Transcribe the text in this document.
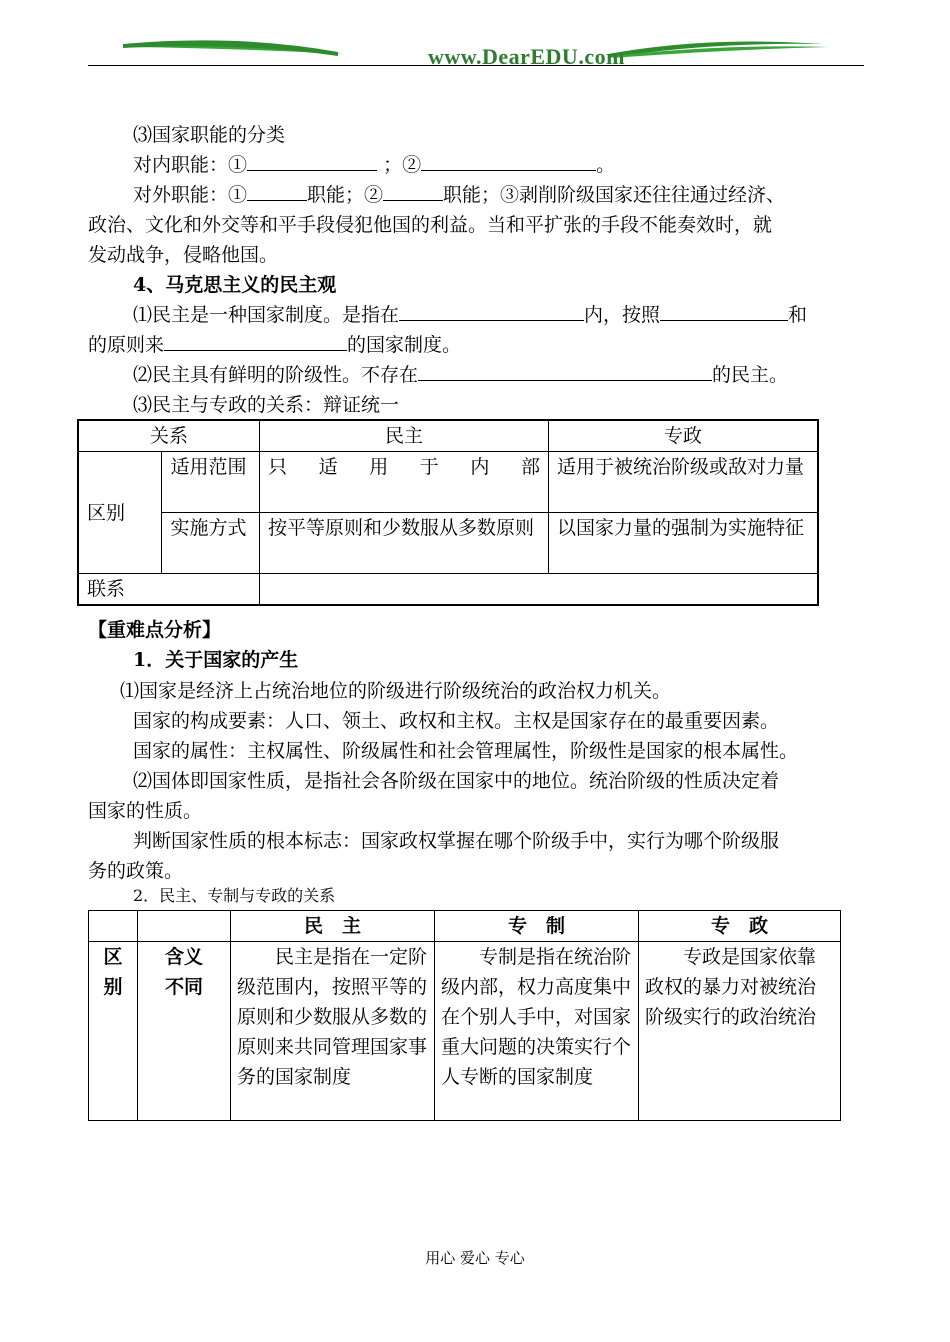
www.DearEDU.com
⑶国家职能的分类
对内职能：①	；②	。
对外职能：①	职能；②	职能；③剥削阶级国家还往往通过经济、
政治、文化和外交等和平手段侵犯他国的利益。当和平扩张的手段不能奏效时，就
发动战争，侵略他国。
4、马克思主义的民主观
⑴民主是一种国家制度。是指在	内，按照	和
的原则来	的国家制度。
⑵民主具有鲜明的阶级性。不存在	的民主。
⑶民主与专政的关系：辩证统一
关系		民主	专政
区别	适用范围	只适用于内部	适用于被统治阶级或敌对力量
	实施方式	按平等原则和少数服从多数原则	以国家力量的强制为实施特征
联系			
【重难点分析】
1．关于国家的产生
⑴国家是经济上占统治地位的阶级进行阶级统治的政治权力机关。
国家的构成要素：人口、领土、政权和主权。主权是国家存在的最重要因素。
国家的属性：主权属性、阶级属性和社会管理属性，阶级性是国家的根本属性。
⑵国体即国家性质，是指社会各阶级在国家中的地位。统治阶级的性质决定着
国家的性质。
判断国家性质的根本标志：国家政权掌握在哪个阶级手中，实行为哪个阶级服
务的政策。
2．民主、专制与专政的关系
		民　主	专　制	专　政
区别	含义不同	民主是指在一定阶级范围内，按照平等的原则和少数服从多数的原则来共同管理国家事务的国家制度	专制是指在统治阶级内部，权力高度集中在个别人手中，对国家重大问题的决策实行个人专断的国家制度	专政是国家依靠政权的暴力对被统治阶级实行的政治统治
用心 爱心 专心
